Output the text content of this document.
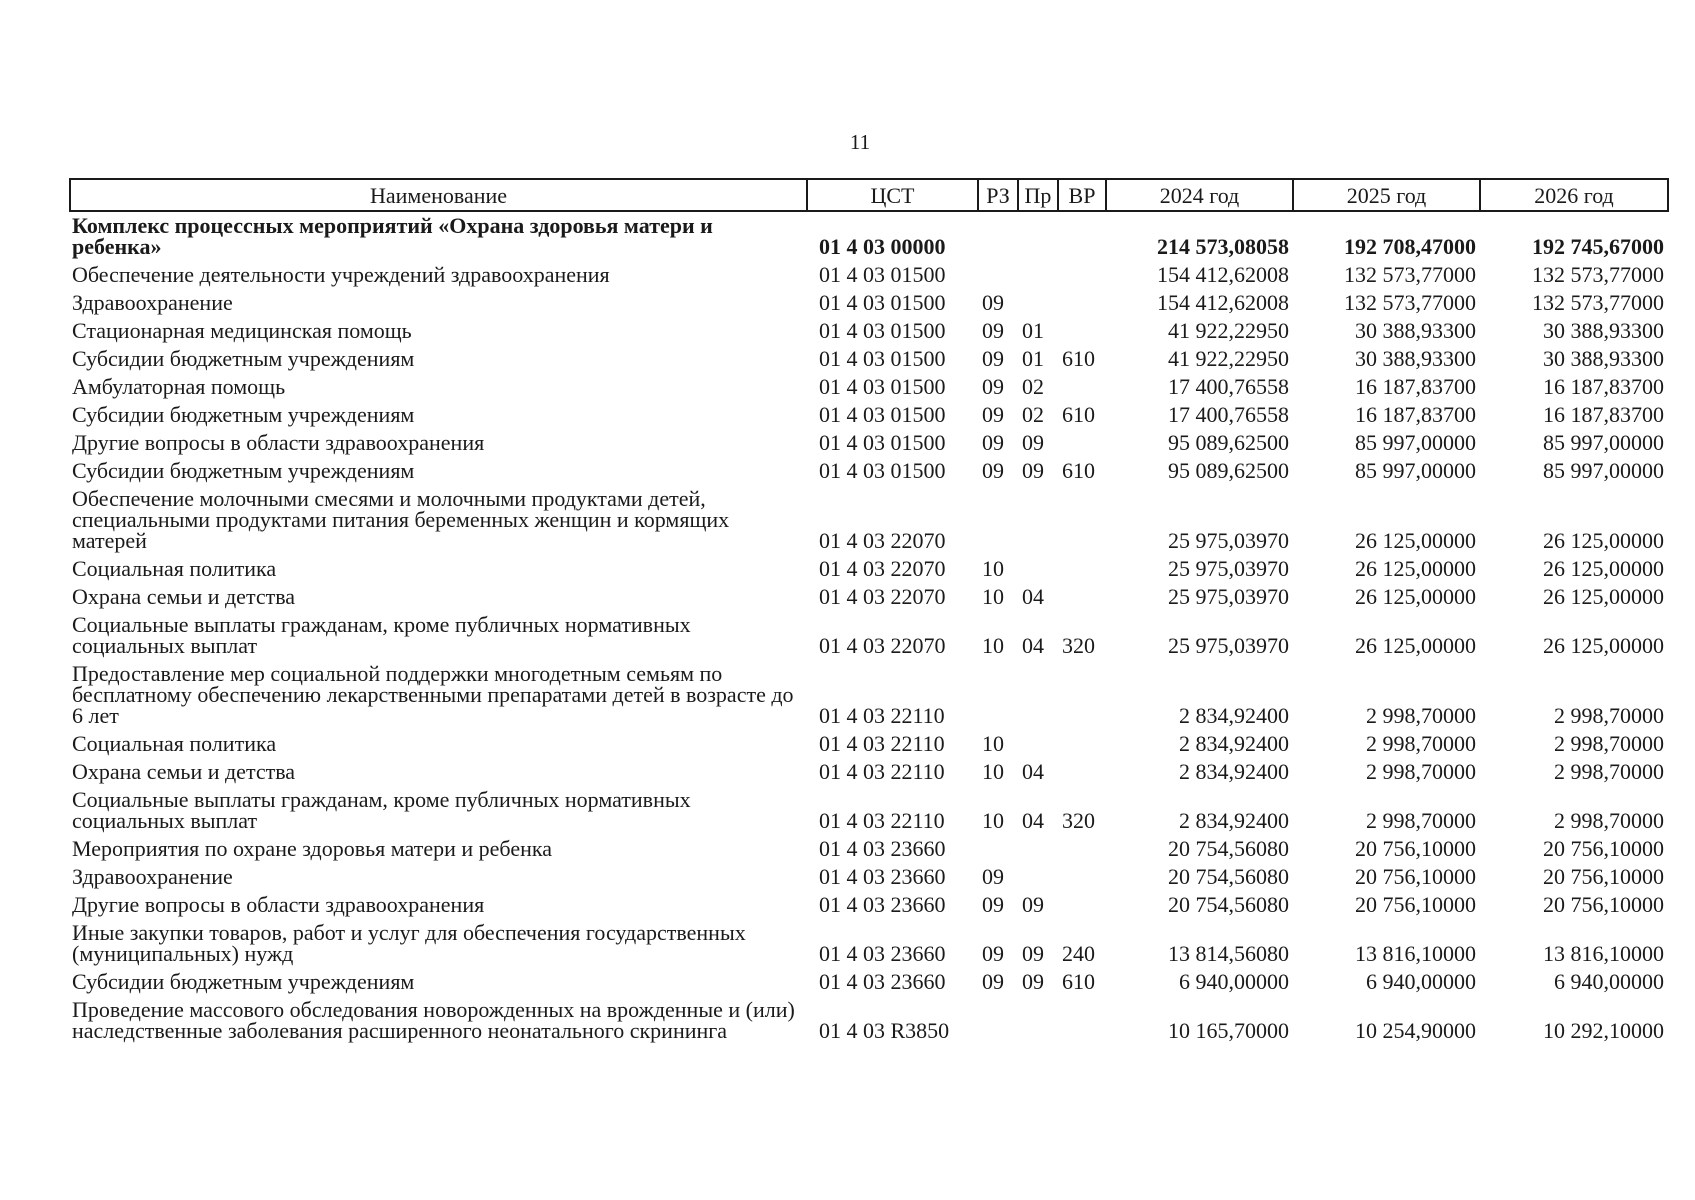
11
Наименование	ЦСТ	РЗ	Пр	ВР	2024 год	2025 год	2026 год
Комплекс процессных мероприятий «Охрана здоровья матери и ребенка»	01 4 03 00000				214 573,08058	192 708,47000	192 745,67000
Обеспечение деятельности учреждений здравоохранения	01 4 03 01500				154 412,62008	132 573,77000	132 573,77000
Здравоохранение	01 4 03 01500	09			154 412,62008	132 573,77000	132 573,77000
Стационарная медицинская помощь	01 4 03 01500	09	01		41 922,22950	30 388,93300	30 388,93300
Субсидии бюджетным учреждениям	01 4 03 01500	09	01	610	41 922,22950	30 388,93300	30 388,93300
Амбулаторная помощь	01 4 03 01500	09	02		17 400,76558	16 187,83700	16 187,83700
Субсидии бюджетным учреждениям	01 4 03 01500	09	02	610	17 400,76558	16 187,83700	16 187,83700
Другие вопросы в области здравоохранения	01 4 03 01500	09	09		95 089,62500	85 997,00000	85 997,00000
Субсидии бюджетным учреждениям	01 4 03 01500	09	09	610	95 089,62500	85 997,00000	85 997,00000
Обеспечение молочными смесями и молочными продуктами детей, специальными продуктами питания беременных женщин и кормящих матерей	01 4 03 22070				25 975,03970	26 125,00000	26 125,00000
Социальная политика	01 4 03 22070	10			25 975,03970	26 125,00000	26 125,00000
Охрана семьи и детства	01 4 03 22070	10	04		25 975,03970	26 125,00000	26 125,00000
Социальные выплаты гражданам, кроме публичных нормативных социальных выплат	01 4 03 22070	10	04	320	25 975,03970	26 125,00000	26 125,00000
Предоставление мер социальной поддержки многодетным семьям по бесплатному обеспечению лекарственными препаратами детей в возрасте до 6 лет	01 4 03 22110				2 834,92400	2 998,70000	2 998,70000
Социальная политика	01 4 03 22110	10			2 834,92400	2 998,70000	2 998,70000
Охрана семьи и детства	01 4 03 22110	10	04		2 834,92400	2 998,70000	2 998,70000
Социальные выплаты гражданам, кроме публичных нормативных социальных выплат	01 4 03 22110	10	04	320	2 834,92400	2 998,70000	2 998,70000
Мероприятия по охране здоровья матери и ребенка	01 4 03 23660				20 754,56080	20 756,10000	20 756,10000
Здравоохранение	01 4 03 23660	09			20 754,56080	20 756,10000	20 756,10000
Другие вопросы в области здравоохранения	01 4 03 23660	09	09		20 754,56080	20 756,10000	20 756,10000
Иные закупки товаров, работ и услуг для обеспечения государственных (муниципальных) нужд	01 4 03 23660	09	09	240	13 814,56080	13 816,10000	13 816,10000
Субсидии бюджетным учреждениям	01 4 03 23660	09	09	610	6 940,00000	6 940,00000	6 940,00000
Проведение массового обследования новорожденных на врожденные и (или) наследственные заболевания расширенного неонатального скрининга	01 4 03 R3850				10 165,70000	10 254,90000	10 292,10000
